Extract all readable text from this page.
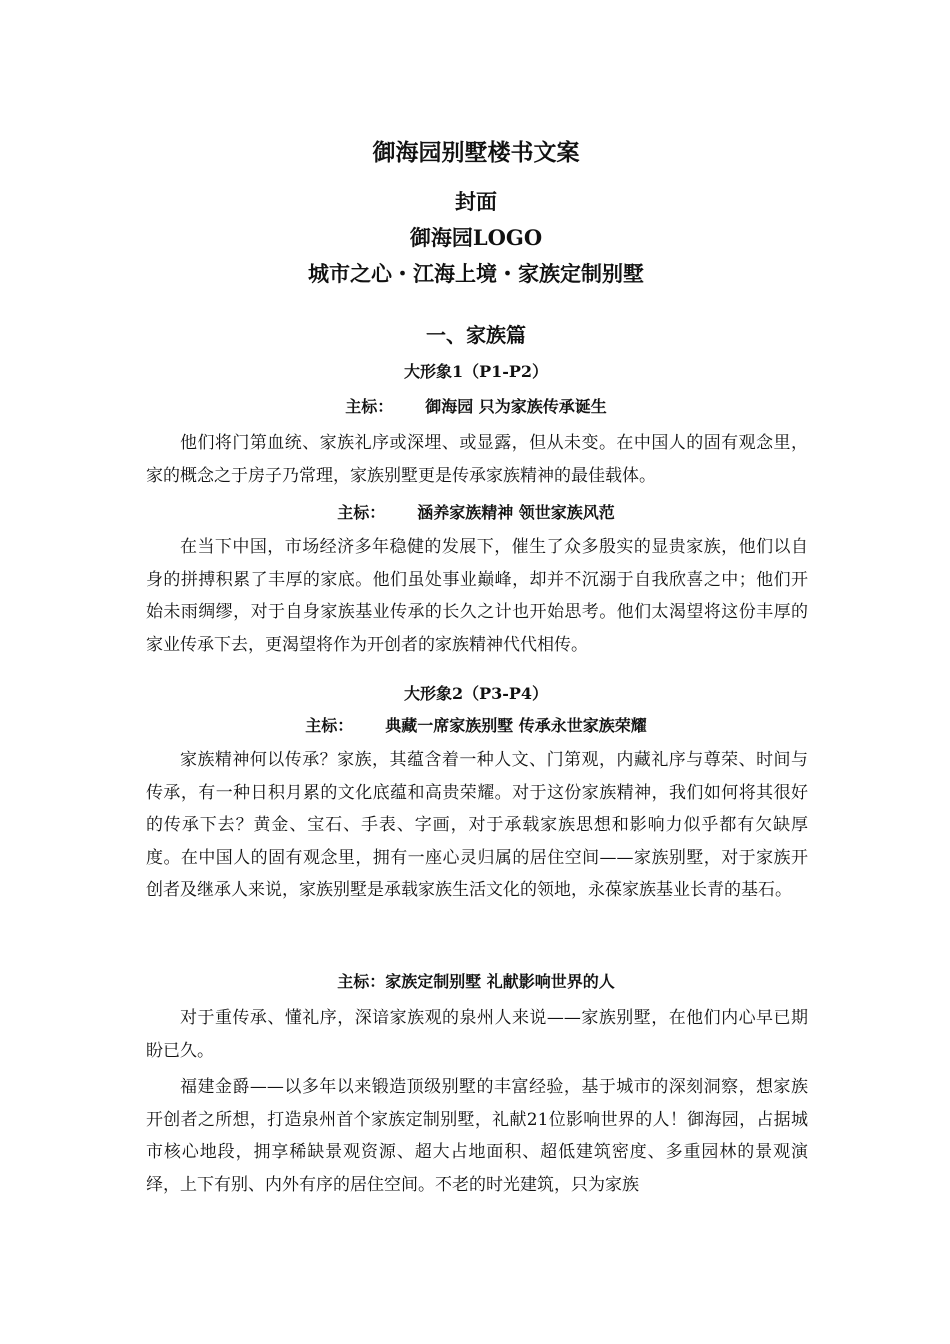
御海园别墅楼书文案
封面
御海园LOGO
城市之心・江海上境・家族定制别墅
一、家族篇
大形象1（P1-P2）
主标： 御海园 只为家族传承诞生

他们将门第血统、家族礼序或深埋、或显露，但从未变。在中国人的固有观念里，家的概念之于房子乃常理，家族别墅更是传承家族精神的最佳载体。

主标： 涵养家族精神 领世家族风范

在当下中国，市场经济多年稳健的发展下，催生了众多殷实的显贵家族，他们以自身的拼搏积累了丰厚的家底。他们虽处事业巅峰，却并不沉溺于自我欣喜之中；他们开始未雨绸缪，对于自身家族基业传承的长久之计也开始思考。他们太渴望将这份丰厚的家业传承下去，更渴望将作为开创者的家族精神代代相传。

大形象2（P3-P4）
主标： 典藏一席家族别墅 传承永世家族荣耀

家族精神何以传承？家族，其蕴含着一种人文、门第观，内藏礼序与尊荣、时间与传承，有一种日积月累的文化底蕴和高贵荣耀。对于这份家族精神，我们如何将其很好的传承下去？黄金、宝石、手表、字画，对于承载家族思想和影响力似乎都有欠缺厚度。在中国人的固有观念里，拥有一座心灵归属的居住空间——家族别墅，对于家族开创者及继承人来说，家族别墅是承载家族生活文化的领地，永葆家族基业长青的基石。

主标：家族定制别墅 礼献影响世界的人

对于重传承、懂礼序，深谙家族观的泉州人来说——家族别墅，在他们内心早已期盼已久。

福建金爵——以多年以来锻造顶级别墅的丰富经验，基于城市的深刻洞察，想家族开创者之所想，打造泉州首个家族定制别墅，礼献21位影响世界的人！御海园，占据城市核心地段，拥享稀缺景观资源、超大占地面积、超低建筑密度、多重园林的景观演绎，上下有别、内外有序的居住空间。不老的时光建筑，只为家族
